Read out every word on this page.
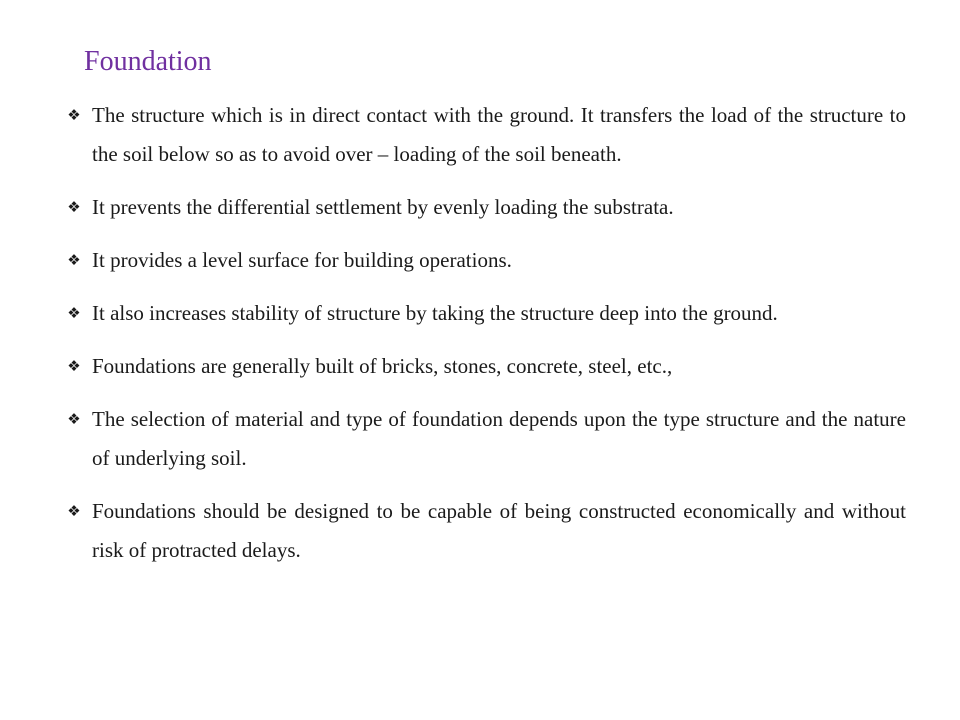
Foundation
❖ The structure which is in direct contact with the ground. It transfers the load of the structure to the soil below so as to avoid over – loading of the soil beneath.
❖ It prevents the differential settlement by evenly loading the substrata.
❖ It provides a level surface for building operations.
❖ It also increases stability of structure by taking the structure deep into the ground.
❖ Foundations are generally built of bricks, stones, concrete, steel, etc.,
❖ The selection of material and type of foundation depends upon the type structure and the nature of underlying soil.
❖ Foundations should be designed to be capable of being constructed economically and without risk of protracted delays.
